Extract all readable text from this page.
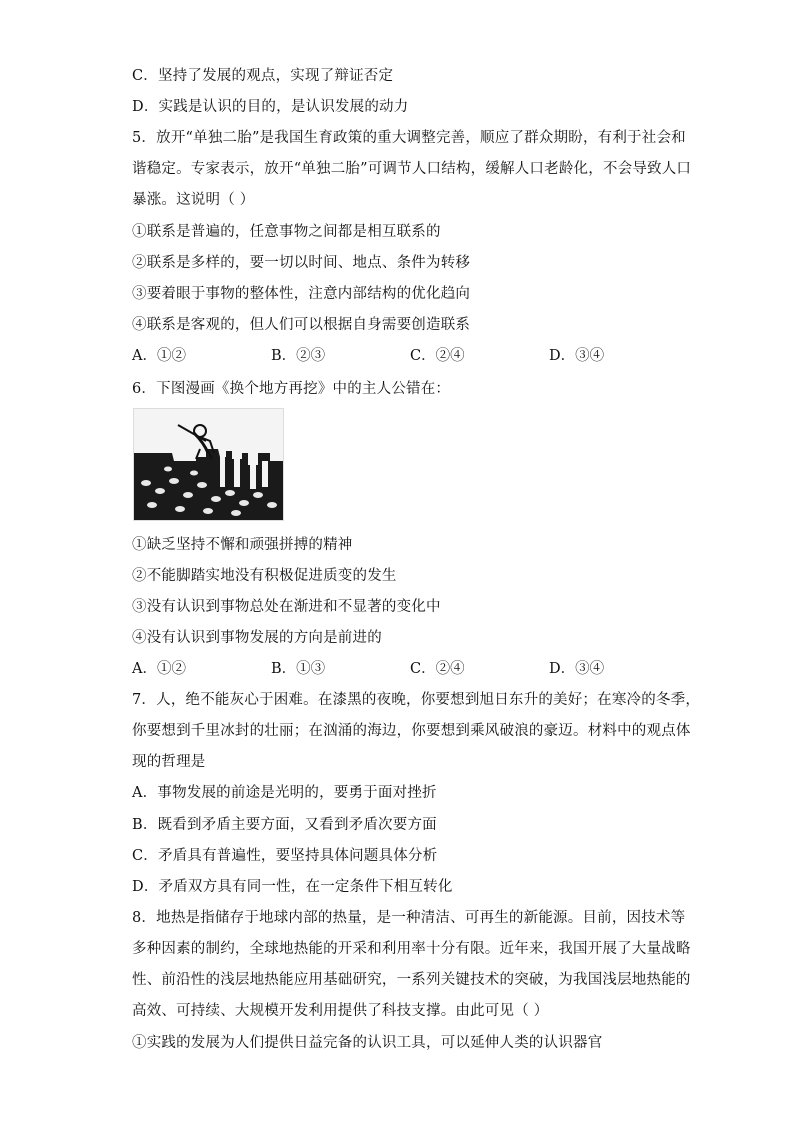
C．坚持了发展的观点，实现了辩证否定
D．实践是认识的目的，是认识发展的动力
5．放开“单独二胎”是我国生育政策的重大调整完善，顺应了群众期盼，有利于社会和
谐稳定。专家表示，放开“单独二胎”可调节人口结构，缓解人口老龄化，不会导致人口
暴涨。这说明（ ）
①联系是普遍的，任意事物之间都是相互联系的
②联系是多样的，要一切以时间、地点、条件为转移
③要着眼于事物的整体性，注意内部结构的优化趋向
④联系是客观的，但人们可以根据自身需要创造联系
A．①②	B．②③	C．②④	D．③④
6．下图漫画《换个地方再挖》中的主人公错在：
①缺乏坚持不懈和顽强拼搏的精神
②不能脚踏实地没有积极促进质变的发生
③没有认识到事物总处在渐进和不显著的变化中
④没有认识到事物发展的方向是前进的
A．①②	B．①③	C．②④	D．③④
7．人，绝不能灰心于困难。在漆黑的夜晚，你要想到旭日东升的美好；在寒冷的冬季，
你要想到千里冰封的壮丽；在汹涌的海边，你要想到乘风破浪的豪迈。材料中的观点体
现的哲理是
A．事物发展的前途是光明的，要勇于面对挫折
B．既看到矛盾主要方面，又看到矛盾次要方面
C．矛盾具有普遍性，要坚持具体问题具体分析
D．矛盾双方具有同一性，在一定条件下相互转化
8．地热是指储存于地球内部的热量，是一种清洁、可再生的新能源。目前，因技术等
多种因素的制约，全球地热能的开采和利用率十分有限。近年来，我国开展了大量战略
性、前沿性的浅层地热能应用基础研究，一系列关键技术的突破，为我国浅层地热能的
高效、可持续、大规模开发利用提供了科技支撑。由此可见（ ）
①实践的发展为人们提供日益完备的认识工具，可以延伸人类的认识器官
